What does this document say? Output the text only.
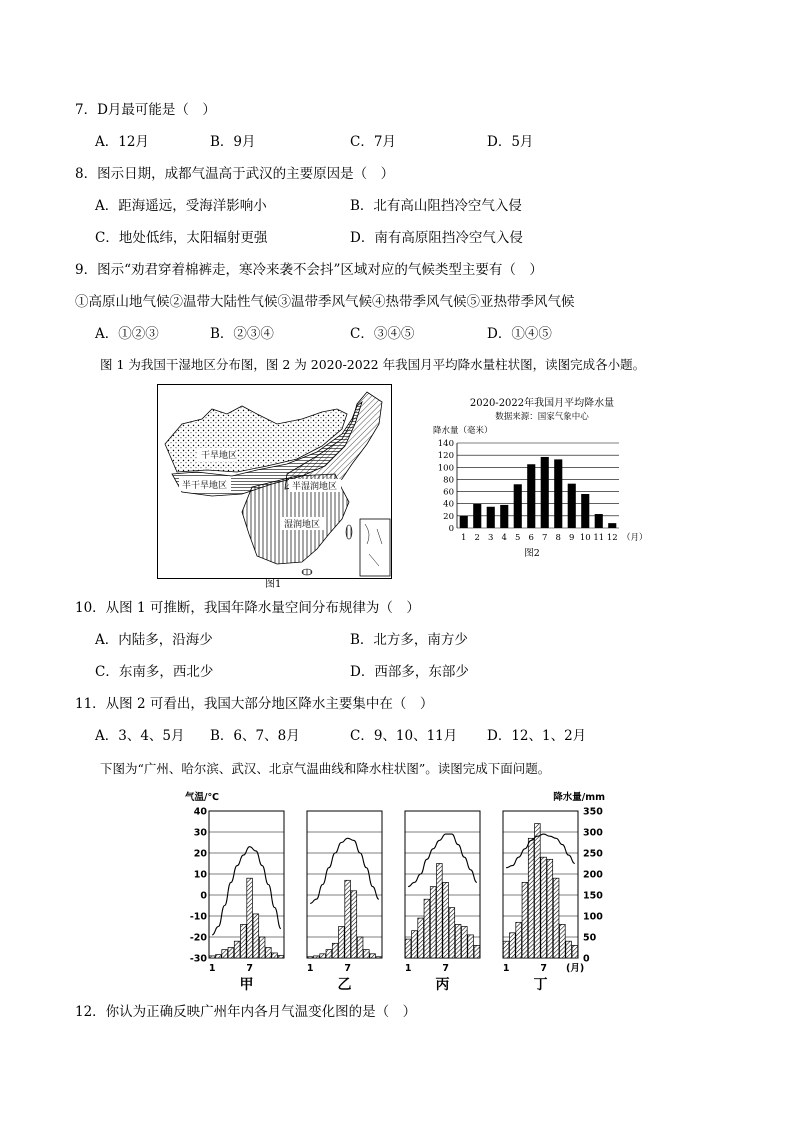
7．D月最可能是（　）
A．12月	B．9月	C．7月	D．5月
8．图示日期，成都气温高于武汉的主要原因是（　）
A．距海遥远，受海洋影响小	B．北有高山阻挡冷空气入侵
C．地处低纬，太阳辐射更强	D．南有高原阻挡冷空气入侵
9．图示“劝君穿着棉裤走，寒冷来袭不会抖”区域对应的气候类型主要有（　）
①高原山地气候②温带大陆性气候③温带季风气候④热带季风气候⑤亚热带季风气候
A．①②③	B．②③④	C．③④⑤	D．①④⑤
图 1 为我国干湿地区分布图，图 2 为 2020-2022 年我国月平均降水量柱状图，读图完成各小题。
干旱地区
半干旱地区	半湿润地区
湿润地区
图1
2020-2022年我国月平均降水量
数据来源：国家气象中心
降水量（毫米）
0
20
40
60
80
100
120
140
1 2 3 4 5 6 7 8 9 10 11 12 （月）
图2
10．从图 1 可推断，我国年降水量空间分布规律为（　）
A．内陆多，沿海少	B．北方多，南方少
C．东南多，西北少	D．西部多，东部少
11．从图 2 可看出，我国大部分地区降水主要集中在（　）
A．3、4、5月 B．6、7、8月	C．9、10、11月 D．12、1、2月
下图为“广州、哈尔滨、武汉、北京气温曲线和降水柱状图”。读图完成下面问题。
气温/℃	降水量/mm
40
30
20
10
0
-10
-20
-30
350
300
250
200
150
100
50
0
1	7
甲
1	7
乙
1	7
丙
1	7
丁
(月)
12．你认为正确反映广州年内各月气温变化图的是（　）
